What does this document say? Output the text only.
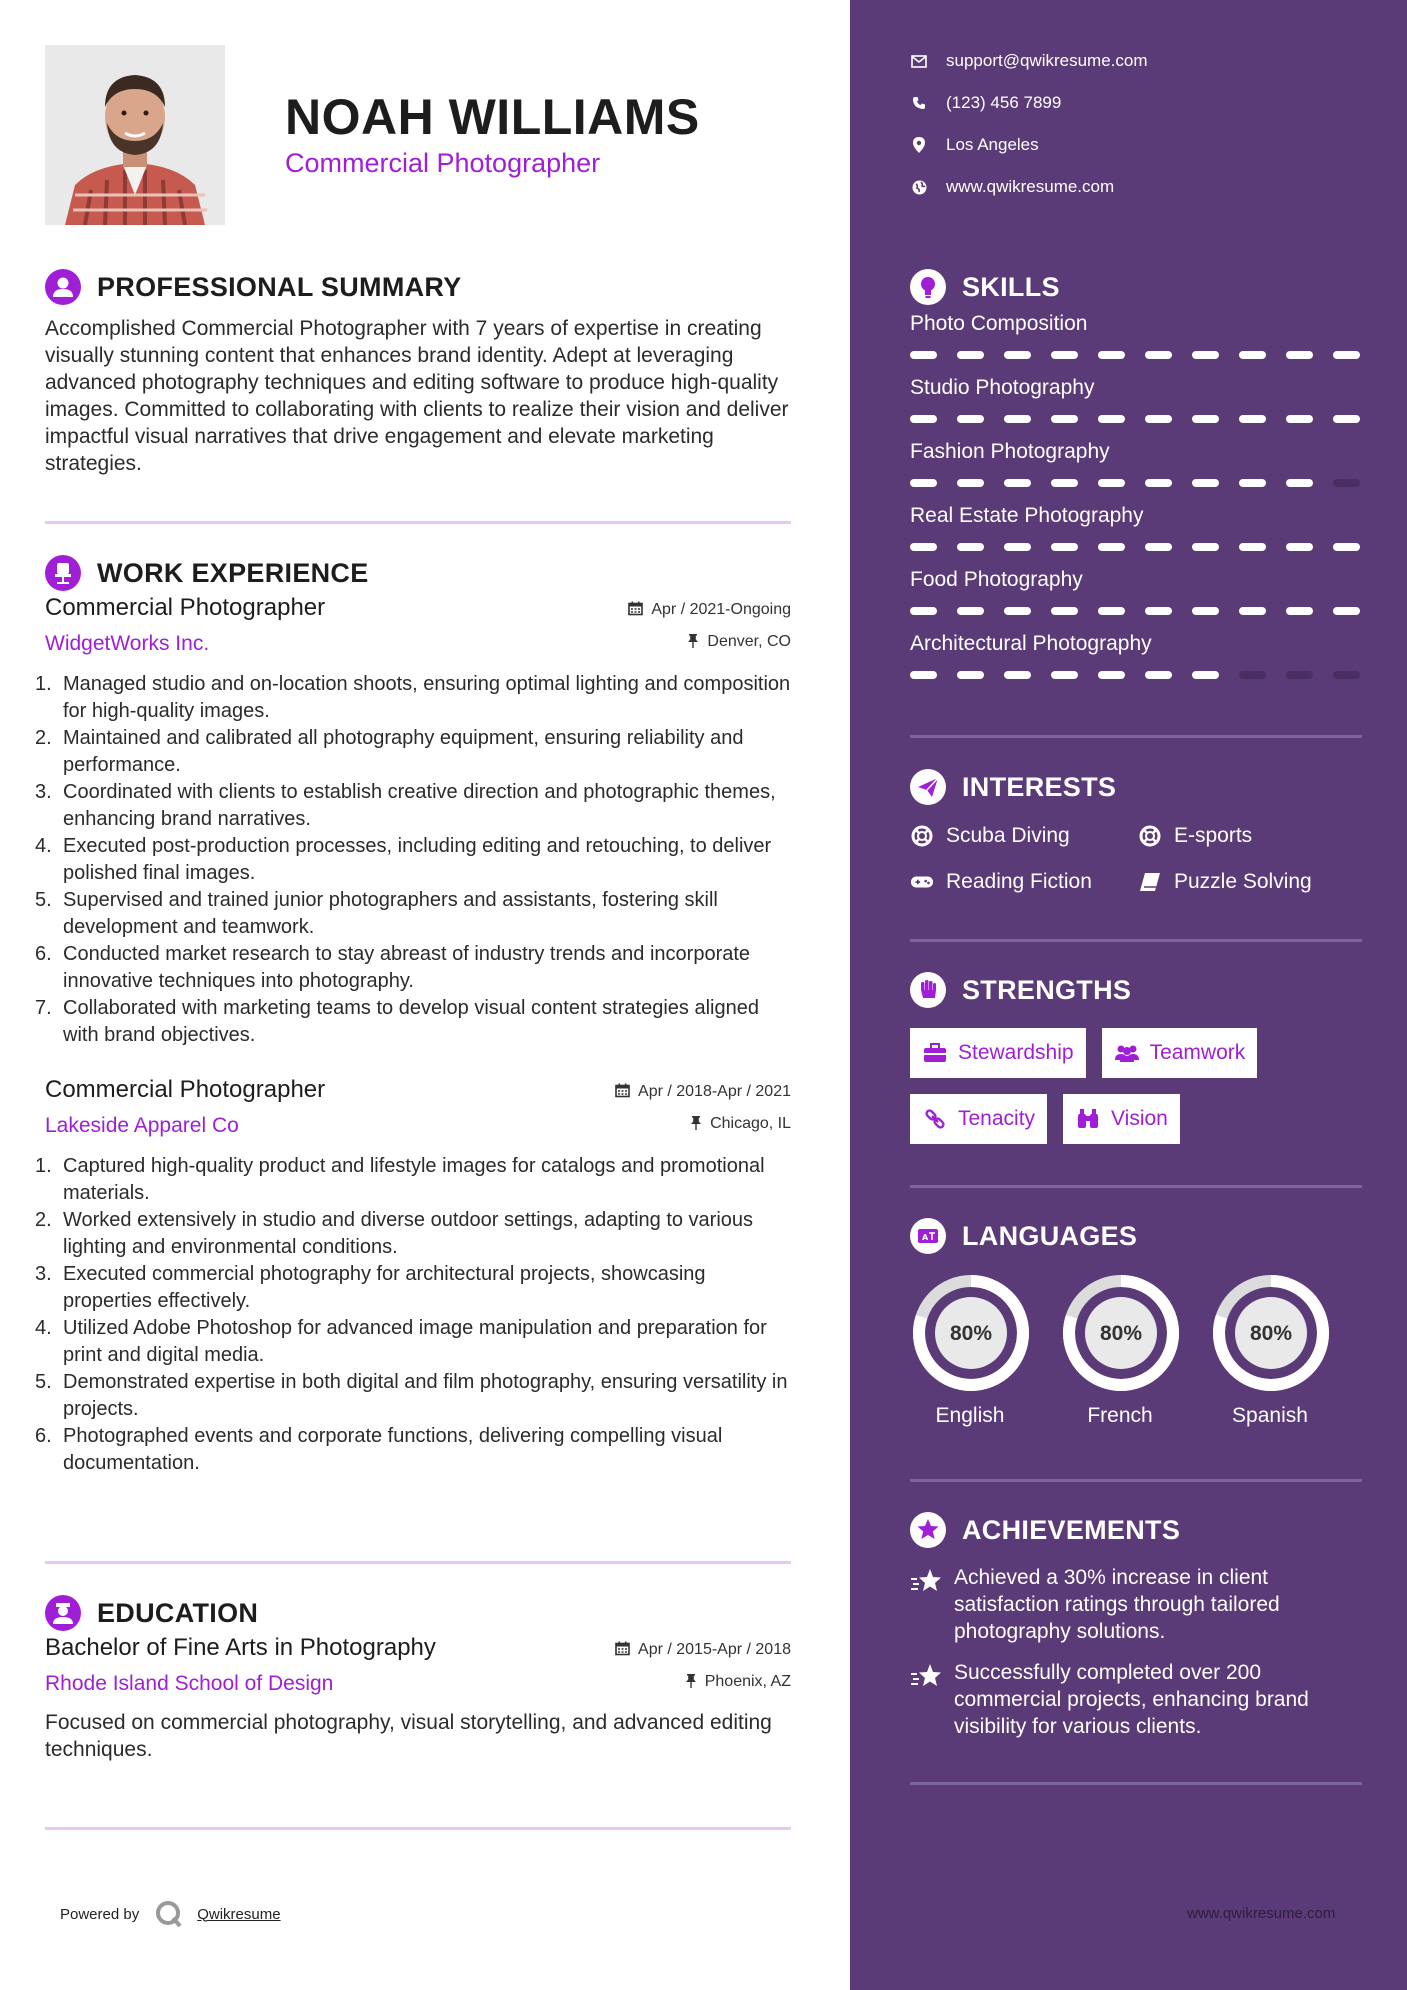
NOAH WILLIAMS
Commercial Photographer
PROFESSIONAL SUMMARY
Accomplished Commercial Photographer with 7 years of expertise in creating visually stunning content that enhances brand identity. Adept at leveraging advanced photography techniques and editing software to produce high-quality images. Committed to collaborating with clients to realize their vision and deliver impactful visual narratives that drive engagement and elevate marketing strategies.
WORK EXPERIENCE
Commercial Photographer
WidgetWorks Inc.
Apr / 2021-Ongoing
Denver, CO
1. Managed studio and on-location shoots, ensuring optimal lighting and composition for high-quality images.
2. Maintained and calibrated all photography equipment, ensuring reliability and performance.
3. Coordinated with clients to establish creative direction and photographic themes, enhancing brand narratives.
4. Executed post-production processes, including editing and retouching, to deliver polished final images.
5. Supervised and trained junior photographers and assistants, fostering skill development and teamwork.
6. Conducted market research to stay abreast of industry trends and incorporate innovative techniques into photography.
7. Collaborated with marketing teams to develop visual content strategies aligned with brand objectives.
Commercial Photographer
Lakeside Apparel Co
Apr / 2018-Apr / 2021
Chicago, IL
1. Captured high-quality product and lifestyle images for catalogs and promotional materials.
2. Worked extensively in studio and diverse outdoor settings, adapting to various lighting and environmental conditions.
3. Executed commercial photography for architectural projects, showcasing properties effectively.
4. Utilized Adobe Photoshop for advanced image manipulation and preparation for print and digital media.
5. Demonstrated expertise in both digital and film photography, ensuring versatility in projects.
6. Photographed events and corporate functions, delivering compelling visual documentation.
EDUCATION
Bachelor of Fine Arts in Photography
Rhode Island School of Design
Apr / 2015-Apr / 2018
Phoenix, AZ
Focused on commercial photography, visual storytelling, and advanced editing techniques.
Powered by	Qwikresume
support@qwikresume.com
(123) 456 7899
Los Angeles
www.qwikresume.com
SKILLS
Photo Composition
Studio Photography
Fashion Photography
Real Estate Photography
Food Photography
Architectural Photography
INTERESTS
Scuba Diving	E-sports
Reading Fiction	Puzzle Solving
STRENGTHS
Stewardship	Teamwork
Tenacity	Vision
A LANGUAGES
80%
English
80%
French
80%
Spanish
ACHIEVEMENTS
Achieved a 30% increase in client satisfaction ratings through tailored photography solutions.
Successfully completed over 200 commercial projects, enhancing brand visibility for various clients.
www.qwikresume.com
